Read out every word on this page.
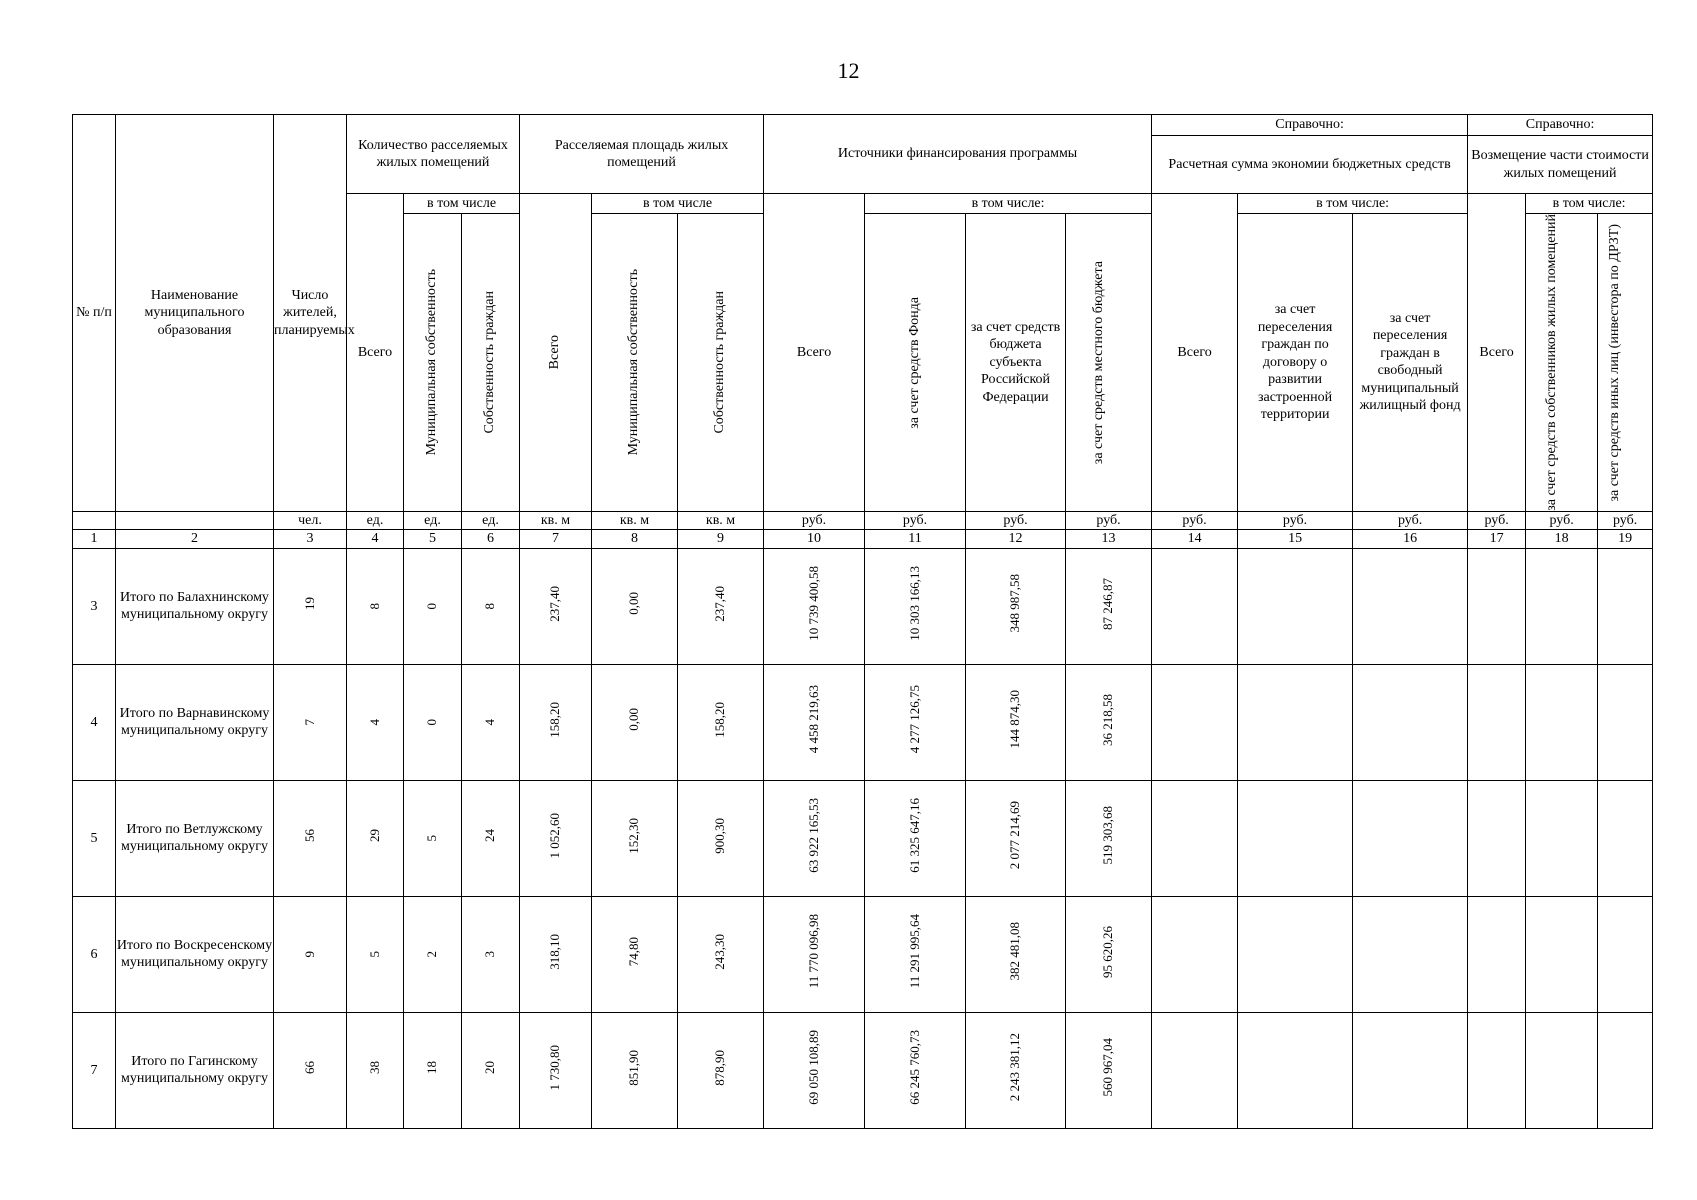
12
№ п/п	Наименование муниципального образования	Число жителей, планируемых	Количество расселяемых жилых помещений			Расселяемая площадь жилых помещений			Источники финансирования программы				Справочно:			Справочно:		
													Расчетная сумма экономии бюджетных средств			Возмещение части стоимости жилых помещений		
			Всего	в том числе		Всего	в том числе		Всего	в том числе:			Всего	в том числе:		Всего	в том числе:	

				Муниципальная собственность	Собственность граждан		Муниципальная собственность	Собственность граждан		за счет средств Фонда	за счет средств бюджета субъекта Российской Федерации	за счет средств местного бюджета		за счет переселения граждан по договору о развитии застроенной территории	за счет переселения граждан в свободный муниципальный жилищный фонд		за счет средств собственников жилых помещений	за счет средств иных лиц (инвестора по ДРЗТ)

		чел.	ед.	ед.	ед.	кв. м	кв. м	кв. м	руб.	руб.	руб.	руб.	руб.	руб.	руб.	руб.	руб.	руб.
1	2	3	4	5	6	7	8	9	10	11	12	13	14	15	16	17	18	19
3	Итого по Балахнинскому муниципальному округу	19	8	0	8	237,40	0,00	237,40	10 739 400,58	10 303 166,13	348 987,58	87 246,87						
4	Итого по Варнавинскому муниципальному округу	7	4	0	4	158,20	0,00	158,20	4 458 219,63	4 277 126,75	144 874,30	36 218,58						
5	Итого по Ветлужскому муниципальному округу	56	29	5	24	1 052,60	152,30	900,30	63 922 165,53	61 325 647,16	2 077 214,69	519 303,68						
6	Итого по Воскресенскому муниципальному округу	9	5	2	3	318,10	74,80	243,30	11 770 096,98	11 291 995,64	382 481,08	95 620,26						
7	Итого по Гагинскому муниципальному округу	66	38	18	20	1 730,80	851,90	878,90	69 050 108,89	66 245 760,73	2 243 381,12	560 967,04						
